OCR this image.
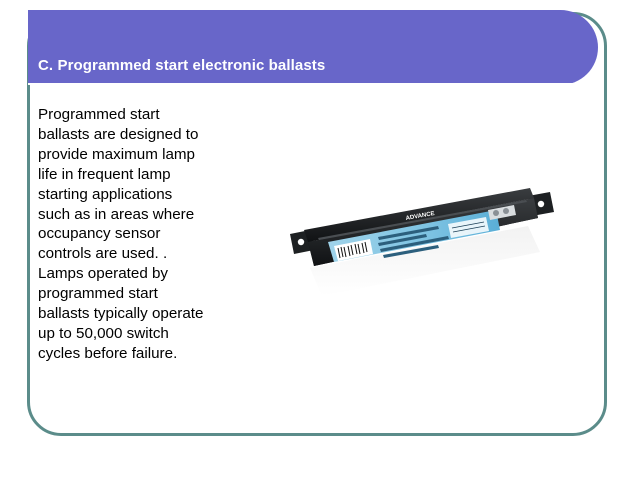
C. Programmed start electronic ballasts

Programmed start
ballasts are designed to
provide maximum lamp
life in frequent lamp
starting applications
such as in areas where
occupancy sensor
controls are used. .
Lamps operated by
programmed start
ballasts typically operate
up to 50,000 switch
cycles before failure.

ADVANCE
